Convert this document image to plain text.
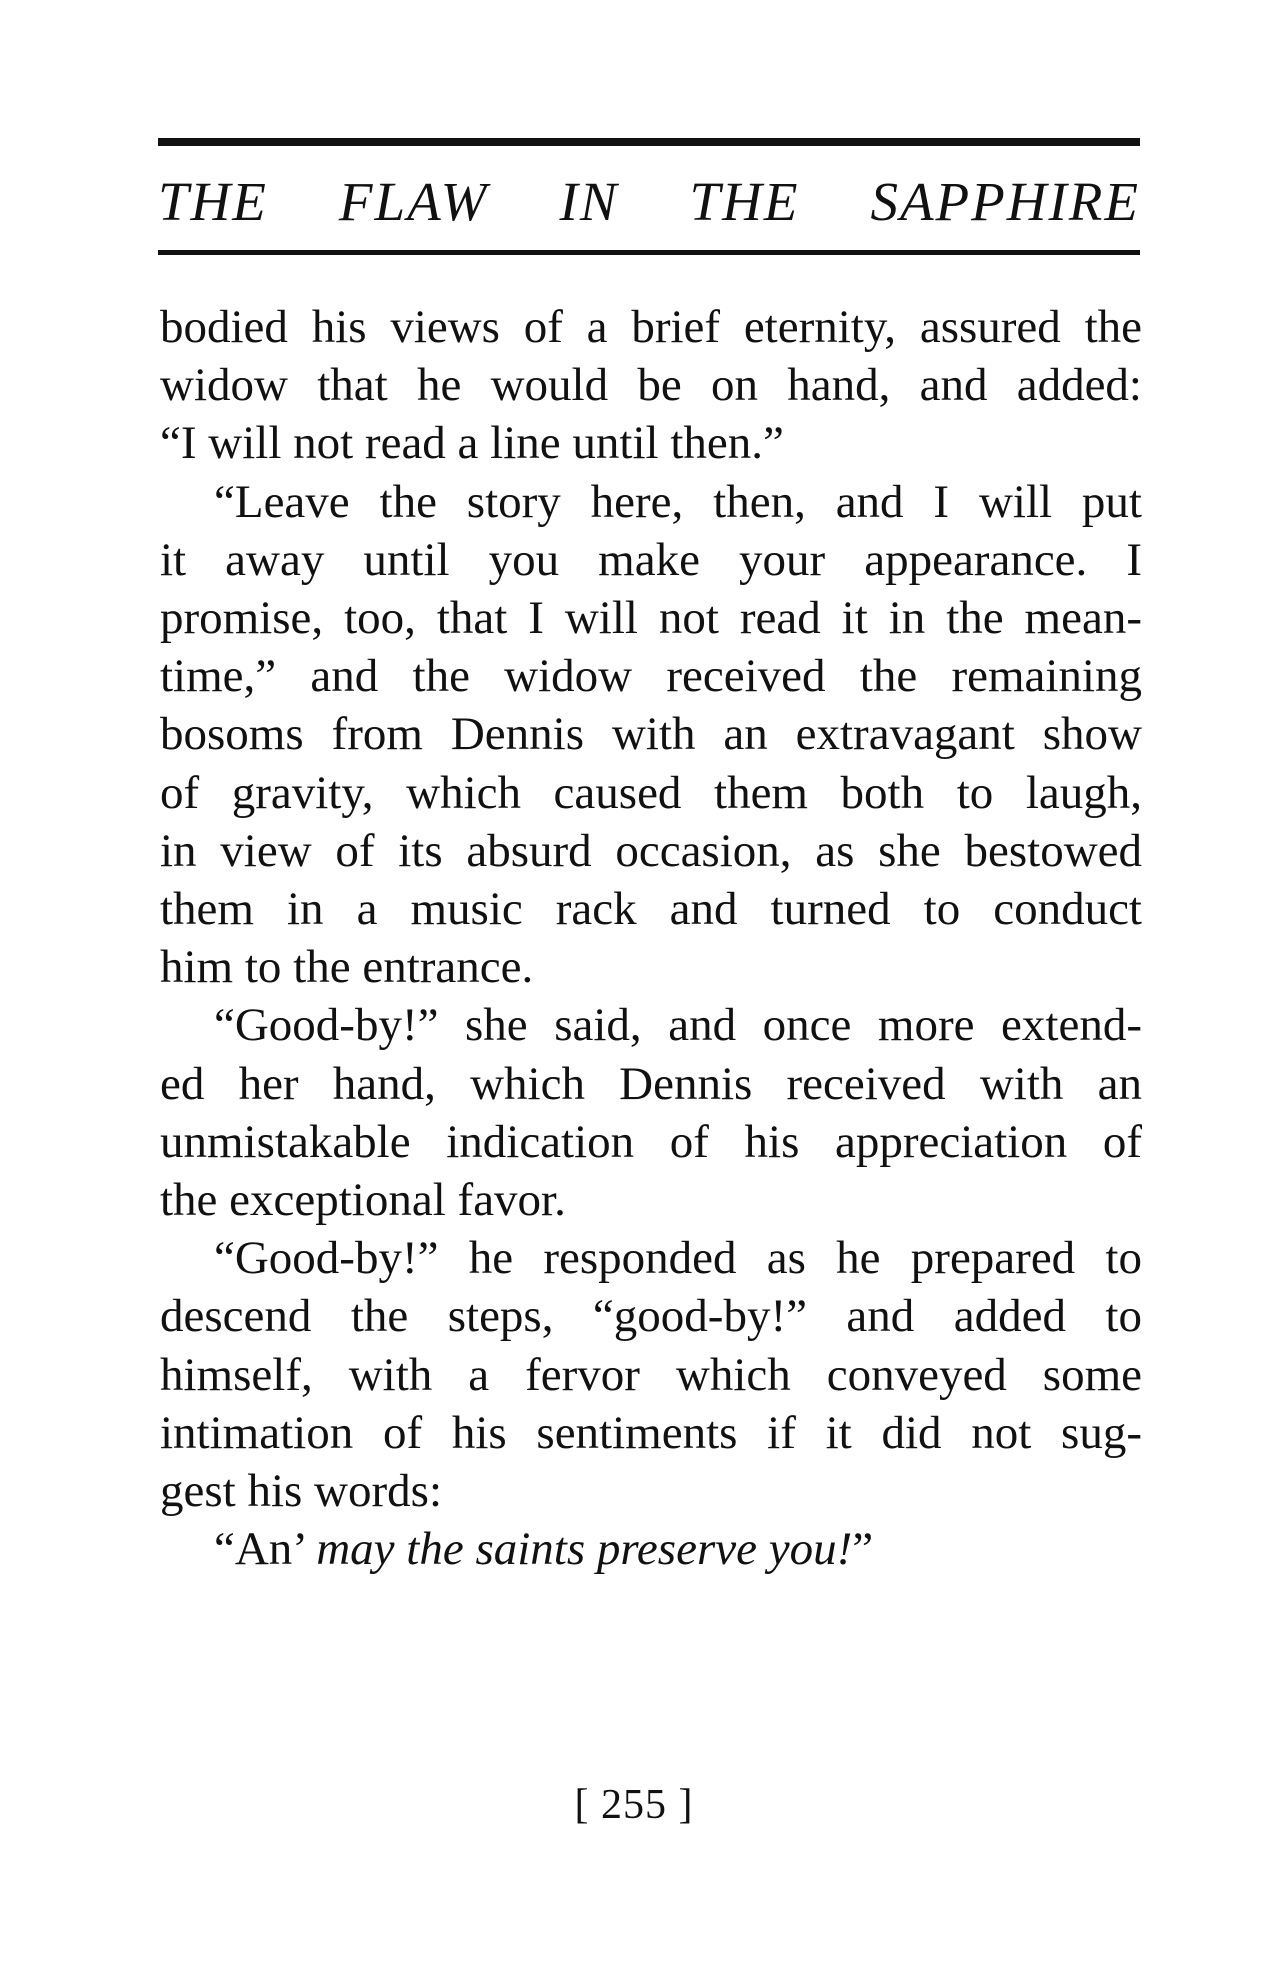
THE FLAW IN THE SAPPHIRE
bodied his views of a brief eternity, assured the
widow that he would be on hand, and added:
“I will not read a line until then.”
“Leave the story here, then, and I will put
it away until you make your appearance. I
promise, too, that I will not read it in the mean-
time,” and the widow received the remaining
bosoms from Dennis with an extravagant show
of gravity, which caused them both to laugh,
in view of its absurd occasion, as she bestowed
them in a music rack and turned to conduct
him to the entrance.
“Good-by!” she said, and once more extend-
ed her hand, which Dennis received with an
unmistakable indication of his appreciation of
the exceptional favor.
“Good-by!” he responded as he prepared to
descend the steps, “good-by!” and added to
himself, with a fervor which conveyed some
intimation of his sentiments if it did not sug-
gest his words:
“An’ may the saints preserve you!”
[ 255 ]
